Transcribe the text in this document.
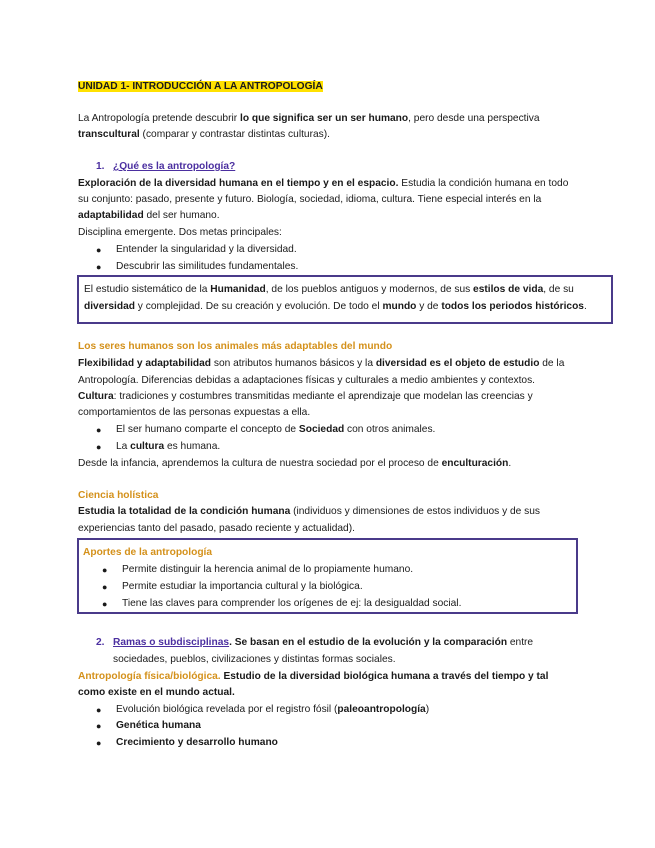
UNIDAD 1- INTRODUCCIÓN A LA ANTROPOLOGÍA
La Antropología pretende descubrir lo que significa ser un ser humano, pero desde una perspectiva
transcultural (comparar y contrastar distintas culturas).
1. ¿Qué es la antropología?
Exploración de la diversidad humana en el tiempo y en el espacio. Estudia la condición humana en todo
su conjunto: pasado, presente y futuro. Biología, sociedad, idioma, cultura. Tiene especial interés en la
adaptabilidad del ser humano.
Disciplina emergente. Dos metas principales:
● Entender la singularidad y la diversidad.
● Descubrir las similitudes fundamentales.
El estudio sistemático de la Humanidad, de los pueblos antiguos y modernos, de sus estilos de vida, de su
diversidad y complejidad. De su creación y evolución. De todo el mundo y de todos los periodos históricos.
Los seres humanos son los animales más adaptables del mundo
Flexibilidad y adaptabilidad son atributos humanos básicos y la diversidad es el objeto de estudio de la
Antropología. Diferencias debidas a adaptaciones físicas y culturales a medio ambientes y contextos.
Cultura: tradiciones y costumbres transmitidas mediante el aprendizaje que modelan las creencias y
comportamientos de las personas expuestas a ella.
● El ser humano comparte el concepto de Sociedad con otros animales.
● La cultura es humana.
Desde la infancia, aprendemos la cultura de nuestra sociedad por el proceso de enculturación.
Ciencia holística
Estudia la totalidad de la condición humana (individuos y dimensiones de estos individuos y de sus
experiencias tanto del pasado, pasado reciente y actualidad).
Aportes de la antropología
● Permite distinguir la herencia animal de lo propiamente humano.
● Permite estudiar la importancia cultural y la biológica.
● Tiene las claves para comprender los orígenes de ej: la desigualdad social.
2. Ramas o subdisciplinas. Se basan en el estudio de la evolución y la comparación entre
sociedades, pueblos, civilizaciones y distintas formas sociales.
Antropología física/biológica. Estudio de la diversidad biológica humana a través del tiempo y tal
como existe en el mundo actual.
● Evolución biológica revelada por el registro fósil (paleoantropología)
● Genética humana
● Crecimiento y desarrollo humano
